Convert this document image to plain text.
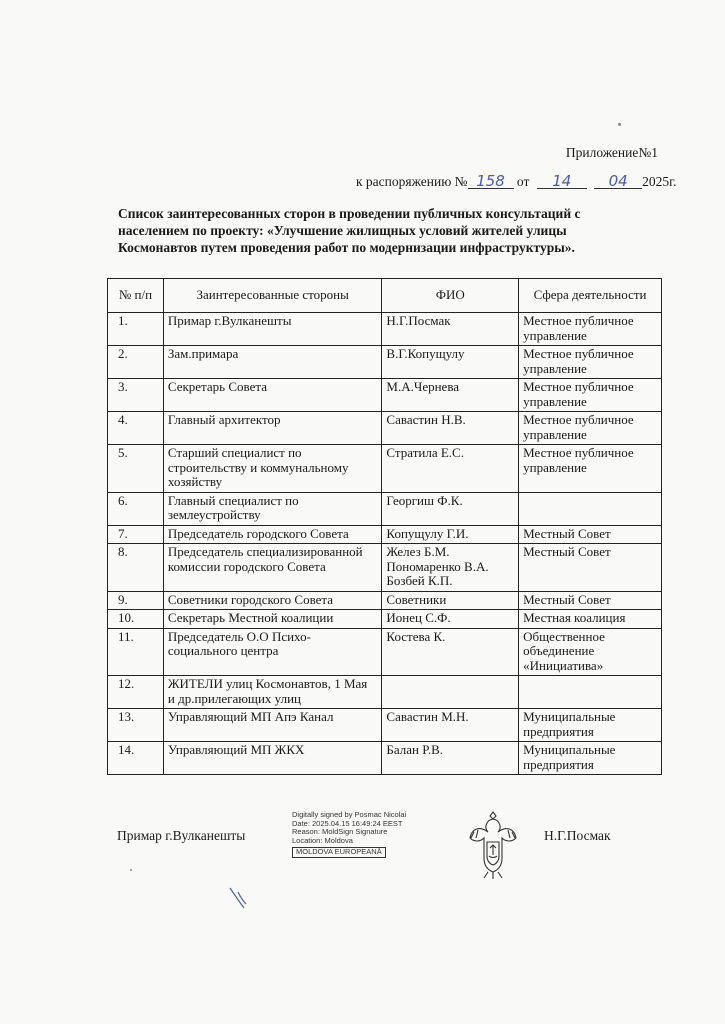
Приложение№1
к распоряжению № 158 от 14 04 2025г.
Список заинтересованных сторон в проведении публичных консультаций с населением по проекту: «Улучшение жилищных условий жителей улицы Космонавтов путем проведения работ по модернизации инфраструктуры».
№ п/п	Заинтересованные стороны	ФИО	Сфера деятельности
1.	Примар г.Вулканешты	Н.Г.Посмак	Местное публичное управление
2.	Зам.примара	В.Г.Копущулу	Местное публичное управление
3.	Секретарь Совета	М.А.Чернева	Местное публичное управление
4.	Главный архитектор	Савастин Н.В.	Местное публичное управление
5.	Старший специалист по строительству и коммунальному хозяйству	Стратила Е.С.	Местное публичное управление
6.	Главный специалист по землеустройству	Георгиш Ф.К.	
7.	Председатель городского Совета	Копущулу Г.И.	Местный Совет
8.	Председатель специализированной комиссии городского Совета	Желез Б.М. Пономаренко В.А. Бозбей К.П.	Местный Совет
9.	Советники городского Совета	Советники	Местный Совет
10.	Секретарь Местной коалиции	Ионец С.Ф.	Местная коалиция
11.	Председатель О.О Психо-социального центра	Костева К.	Общественное объединение «Инициатива»
12.	ЖИТЕЛИ улиц Космонавтов, 1 Мая и др.прилегающих улиц		
13.	Управляющий МП Апэ Канал	Савастин М.Н.	Муниципальные предприятия
14.	Управляющий МП ЖКХ	Балан Р.В.	Муниципальные предприятия
Примар г.Вулканешты
Digitally signed by Posmac Nicolai
Date: 2025.04.15 16:49:24 EEST
Reason: MoldSign Signature
Location: Moldova
MOLDOVA EUROPEANĂ
Н.Г.Посмак
